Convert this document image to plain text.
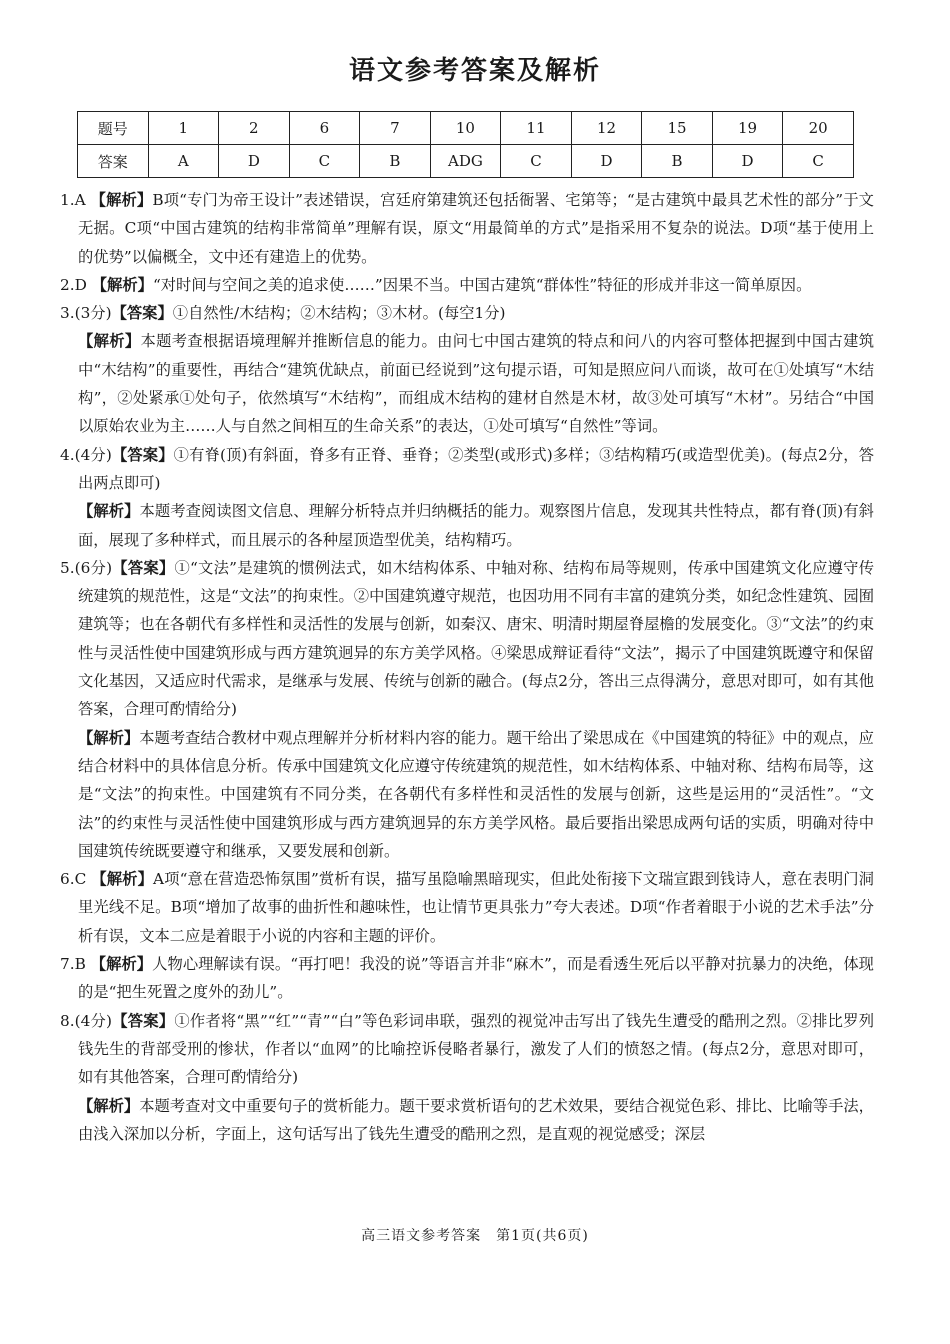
语文参考答案及解析
题号	1	2	6	7	10	11	12	15	19	20
答案	A	D	C	B	ADG	C	D	B	D	C

1.A 【解析】B项“专门为帝王设计”表述错误，宫廷府第建筑还包括衙署、宅第等；“是古建筑中最具艺术性的部分”于文无据。C项“中国古建筑的结构非常简单”理解有误，原文“用最简单的方式”是指采用不复杂的说法。D项“基于使用上的优势”以偏概全，文中还有建造上的优势。

2.D 【解析】“对时间与空间之美的追求使……”因果不当。中国古建筑“群体性”特征的形成并非这一简单原因。

3.(3分)【答案】①自然性/木结构；②木结构；③木材。(每空1分)

【解析】本题考查根据语境理解并推断信息的能力。由问七中国古建筑的特点和问八的内容可整体把握到中国古建筑中“木结构”的重要性，再结合“建筑优缺点，前面已经说到”这句提示语，可知是照应问八而谈，故可在①处填写“木结构”，②处紧承①处句子，依然填写“木结构”，而组成木结构的建材自然是木材，故③处可填写“木材”。另结合“中国以原始农业为主……人与自然之间相互的生命关系”的表达，①处可填写“自然性”等词。

4.(4分)【答案】①有脊(顶)有斜面，脊多有正脊、垂脊；②类型(或形式)多样；③结构精巧(或造型优美)。(每点2分，答出两点即可)

【解析】本题考查阅读图文信息、理解分析特点并归纳概括的能力。观察图片信息，发现其共性特点，都有脊(顶)有斜面，展现了多种样式，而且展示的各种屋顶造型优美，结构精巧。

5.(6分)【答案】①“文法”是建筑的惯例法式，如木结构体系、中轴对称、结构布局等规则，传承中国建筑文化应遵守传统建筑的规范性，这是“文法”的拘束性。②中国建筑遵守规范，也因功用不同有丰富的建筑分类，如纪念性建筑、园囿建筑等；也在各朝代有多样性和灵活性的发展与创新，如秦汉、唐宋、明清时期屋脊屋檐的发展变化。③“文法”的约束性与灵活性使中国建筑形成与西方建筑迥异的东方美学风格。④梁思成辩证看待“文法”，揭示了中国建筑既遵守和保留文化基因，又适应时代需求，是继承与发展、传统与创新的融合。(每点2分，答出三点得满分，意思对即可，如有其他答案，合理可酌情给分)

【解析】本题考查结合教材中观点理解并分析材料内容的能力。题干给出了梁思成在《中国建筑的特征》中的观点，应结合材料中的具体信息分析。传承中国建筑文化应遵守传统建筑的规范性，如木结构体系、中轴对称、结构布局等，这是“文法”的拘束性。中国建筑有不同分类，在各朝代有多样性和灵活性的发展与创新，这些是运用的“灵活性”。“文法”的约束性与灵活性使中国建筑形成与西方建筑迥异的东方美学风格。最后要指出梁思成两句话的实质，明确对待中国建筑传统既要遵守和继承，又要发展和创新。

6.C 【解析】A项“意在营造恐怖氛围”赏析有误，描写虽隐喻黑暗现实，但此处衔接下文瑞宣跟到钱诗人，意在表明门洞里光线不足。B项“增加了故事的曲折性和趣味性，也让情节更具张力”夸大表述。D项“作者着眼于小说的艺术手法”分析有误，文本二应是着眼于小说的内容和主题的评价。

7.B 【解析】人物心理解读有误。“再打吧！我没的说”等语言并非“麻木”，而是看透生死后以平静对抗暴力的决绝，体现的是“把生死置之度外的劲儿”。

8.(4分)【答案】①作者将“黑”“红”“青”“白”等色彩词串联，强烈的视觉冲击写出了钱先生遭受的酷刑之烈。②排比罗列钱先生的背部受刑的惨状，作者以“血网”的比喻控诉侵略者暴行，激发了人们的愤怒之情。(每点2分，意思对即可，如有其他答案，合理可酌情给分)

【解析】本题考查对文中重要句子的赏析能力。题干要求赏析语句的艺术效果，要结合视觉色彩、排比、比喻等手法，由浅入深加以分析，字面上，这句话写出了钱先生遭受的酷刑之烈，是直观的视觉感受；深层

高三语文参考答案　第1页(共6页)
